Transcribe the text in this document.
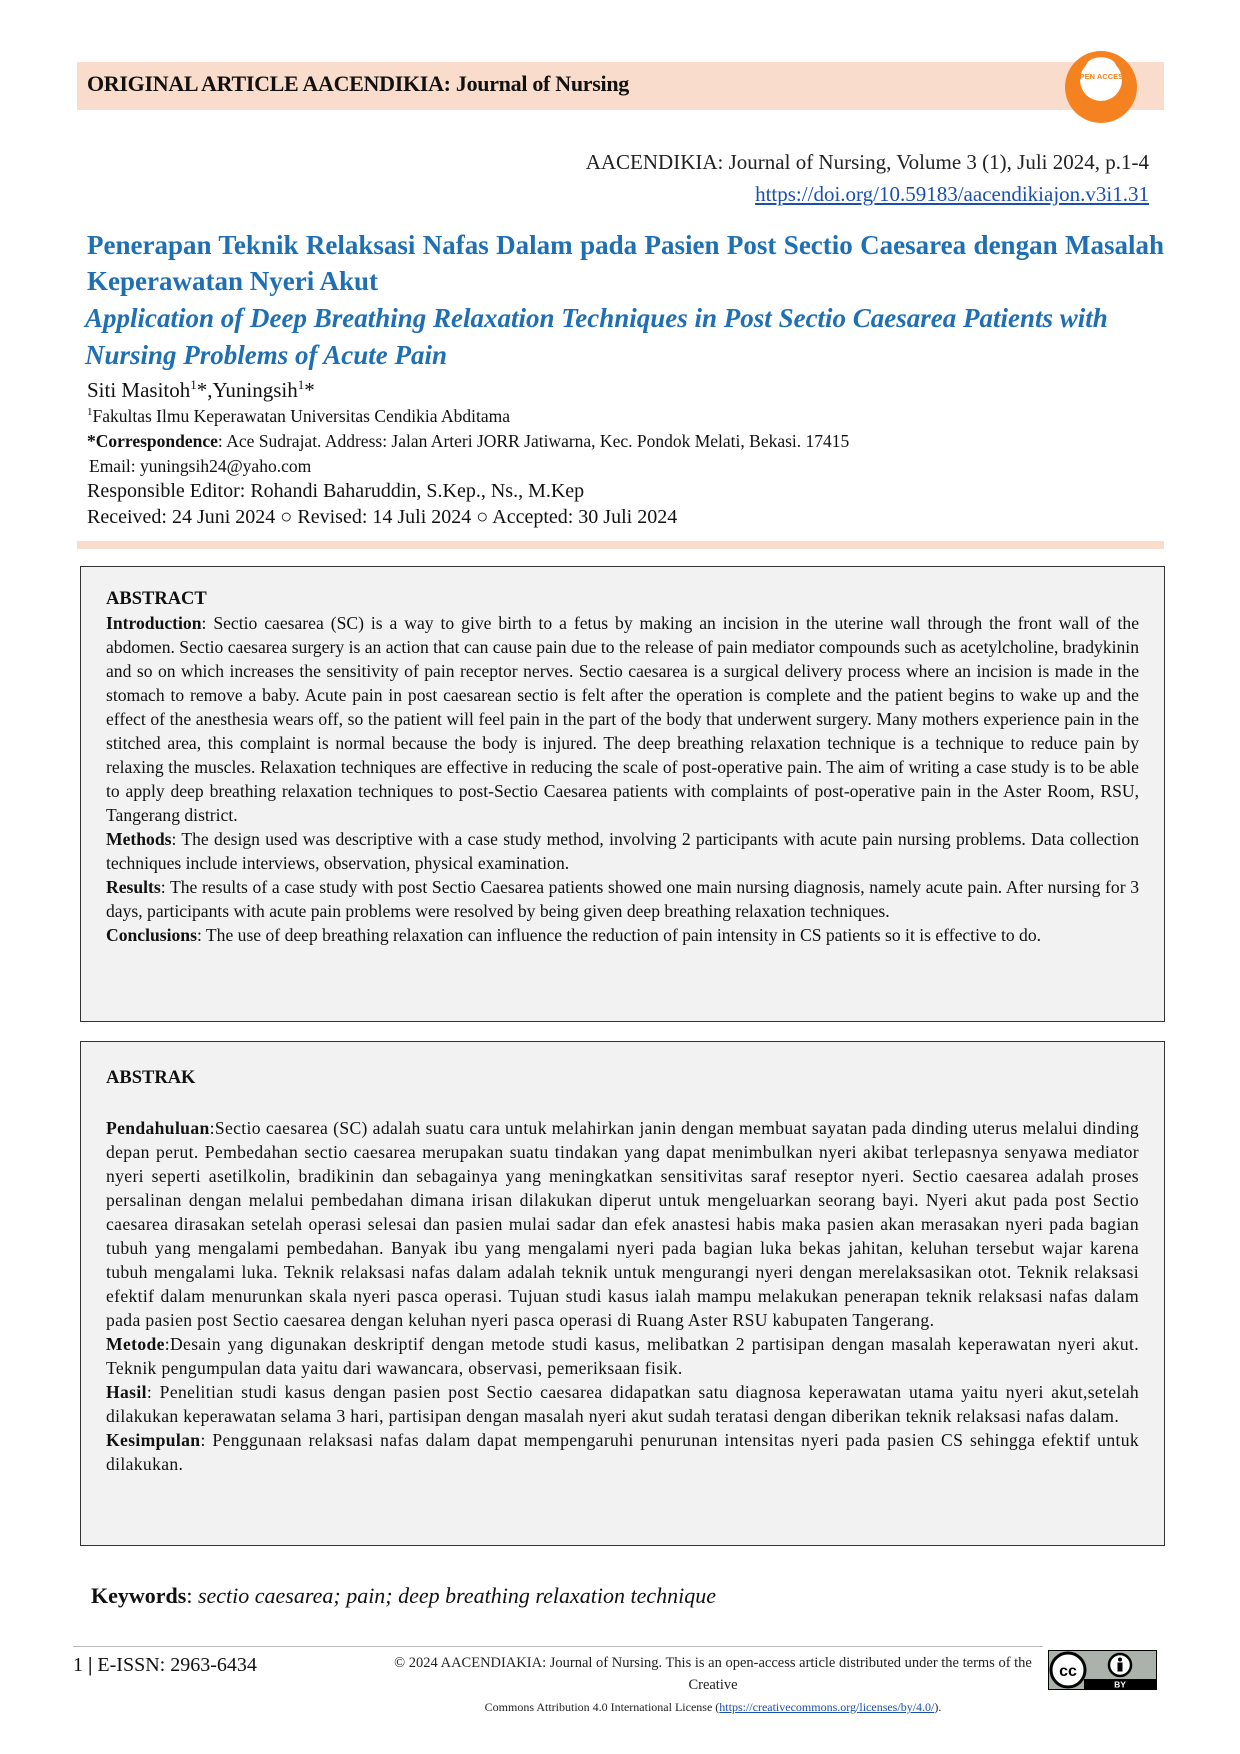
ORIGINAL ARTICLE AACENDIKIA: Journal of Nursing	OPEN ACCESS
AACENDIKIA: Journal of Nursing, Volume 3 (1), Juli 2024, p.1-4
https://doi.org/10.59183/aacendikiajon.v3i1.31
Penerapan Teknik Relaksasi Nafas Dalam pada Pasien Post Sectio Caesarea dengan Masalah Keperawatan Nyeri Akut
Application of Deep Breathing Relaxation Techniques in Post Sectio Caesarea Patients with Nursing Problems of Acute Pain
Siti Masitoh$^1$*,Yuningsih$^1$*
$^1$Fakultas Ilmu Keperawatan Universitas Cendikia Abditama
*Correspondence: Ace Sudrajat. Address: Jalan Arteri JORR Jatiwarna, Kec. Pondok Melati, Bekasi. 17415
Email: yuningsih24@yaho.com
Responsible Editor: Rohandi Baharuddin, S.Kep., Ns., M.Kep
Received: 24 Juni 2024 ○ Revised: 14 Juli 2024 ○ Accepted: 30 Juli 2024

ABSTRACT

Introduction: Sectio caesarea (SC) is a way to give birth to a fetus by making an incision in the uterine wall through the front wall of the abdomen. Sectio caesarea surgery is an action that can cause pain due to the release of pain mediator compounds such as acetylcholine, bradykinin and so on which increases the sensitivity of pain receptor nerves. Sectio caesarea is a surgical delivery process where an incision is made in the stomach to remove a baby. Acute pain in post caesarean sectio is felt after the operation is complete and the patient begins to wake up and the effect of the anesthesia wears off, so the patient will feel pain in the part of the body that underwent surgery. Many mothers experience pain in the stitched area, this complaint is normal because the body is injured. The deep breathing relaxation technique is a technique to reduce pain by relaxing the muscles. Relaxation techniques are effective in reducing the scale of post-operative pain. The aim of writing a case study is to be able to apply deep breathing relaxation techniques to post-Sectio Caesarea patients with complaints of post-operative pain in the Aster Room, RSU, Tangerang district.

Methods: The design used was descriptive with a case study method, involving 2 participants with acute pain nursing problems. Data collection techniques include interviews, observation, physical examination.

Results: The results of a case study with post Sectio Caesarea patients showed one main nursing diagnosis, namely acute pain. After nursing for 3 days, participants with acute pain problems were resolved by being given deep breathing relaxation techniques.

Conclusions: The use of deep breathing relaxation can influence the reduction of pain intensity in CS patients so it is effective to do.

ABSTRAK

Pendahuluan:Sectio caesarea (SC) adalah suatu cara untuk melahirkan janin dengan membuat sayatan pada dinding uterus melalui dinding depan perut. Pembedahan sectio caesarea merupakan suatu tindakan yang dapat menimbulkan nyeri akibat terlepasnya senyawa mediator nyeri seperti asetilkolin, bradikinin dan sebagainya yang meningkatkan sensitivitas saraf reseptor nyeri. Sectio caesarea adalah proses persalinan dengan melalui pembedahan dimana irisan dilakukan diperut untuk mengeluarkan seorang bayi. Nyeri akut pada post Sectio caesarea dirasakan setelah operasi selesai dan pasien mulai sadar dan efek anastesi habis maka pasien akan merasakan nyeri pada bagian tubuh yang mengalami pembedahan. Banyak ibu yang mengalami nyeri pada bagian luka bekas jahitan, keluhan tersebut wajar karena tubuh mengalami luka. Teknik relaksasi nafas dalam adalah teknik untuk mengurangi nyeri dengan merelaksasikan otot. Teknik relaksasi efektif dalam menurunkan skala nyeri pasca operasi. Tujuan studi kasus ialah mampu melakukan penerapan teknik relaksasi nafas dalam pada pasien post Sectio caesarea dengan keluhan nyeri pasca operasi di Ruang Aster RSU kabupaten Tangerang.

Metode:Desain yang digunakan deskriptif dengan metode studi kasus, melibatkan 2 partisipan dengan masalah keperawatan nyeri akut. Teknik pengumpulan data yaitu dari wawancara, observasi, pemeriksaan fisik.

Hasil: Penelitian studi kasus dengan pasien post Sectio caesarea didapatkan satu diagnosa keperawatan utama yaitu nyeri akut,setelah dilakukan keperawatan selama 3 hari, partisipan dengan masalah nyeri akut sudah teratasi dengan diberikan teknik relaksasi nafas dalam.

Kesimpulan: Penggunaan relaksasi nafas dalam dapat mempengaruhi penurunan intensitas nyeri pada pasien CS sehingga efektif untuk dilakukan.

Keywords: sectio caesarea; pain; deep breathing relaxation technique
1 | E-ISSN: 2963-6434	© 2024 AACENDIAKIA: Journal of Nursing. This is an open-access article distributed under the terms of the Creative
Commons Attribution 4.0 International License (https://creativecommons.org/licenses/by/4.0/).
cc
BY
